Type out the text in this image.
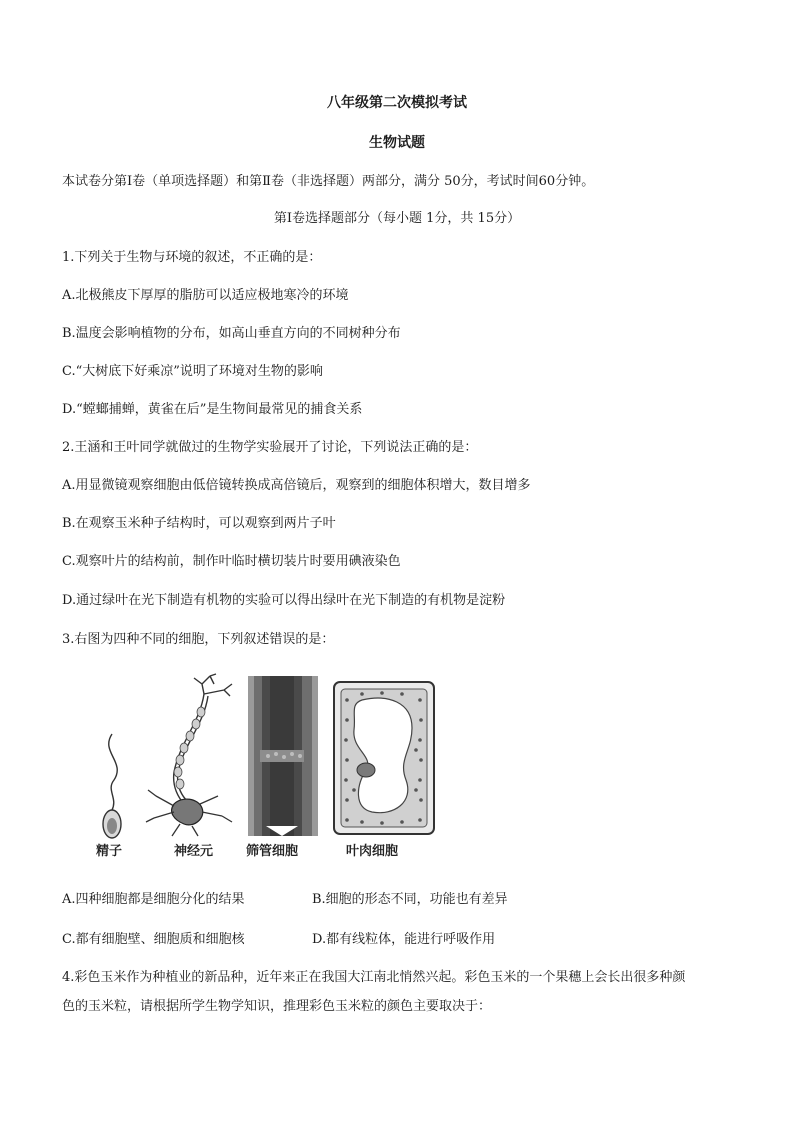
八年级第二次模拟考试
生物试题
本试卷分第Ⅰ卷（单项选择题）和第Ⅱ卷（非选择题）两部分，满分 50分，考试时间60分钟。
第Ⅰ卷选择题部分（每小题 1分，共 15分）
1.下列关于生物与环境的叙述，不正确的是：
A.北极熊皮下厚厚的脂肪可以适应极地寒冷的环境
B.温度会影响植物的分布，如高山垂直方向的不同树种分布
C.“大树底下好乘凉”说明了环境对生物的影响
D.“螳螂捕蝉，黄雀在后”是生物间最常见的捕食关系
2.王涵和王叶同学就做过的生物学实验展开了讨论，下列说法正确的是：
A.用显微镜观察细胞由低倍镜转换成高倍镜后，观察到的细胞体积增大，数目增多
B.在观察玉米种子结构时，可以观察到两片子叶
C.观察叶片的结构前，制作叶临时横切装片时要用碘液染色
D.通过绿叶在光下制造有机物的实验可以得出绿叶在光下制造的有机物是淀粉
3.右图为四种不同的细胞，下列叙述错误的是：
精子	神经元	筛管细胞	叶肉细胞
A.四种细胞都是细胞分化的结果	B.细胞的形态不同，功能也有差异
C.都有细胞壁、细胞质和细胞核	D.都有线粒体，能进行呼吸作用
4.彩色玉米作为种植业的新品种，近年来正在我国大江南北悄然兴起。彩色玉米的一个果穗上会长出很多种颜
色的玉米粒，请根据所学生物学知识，推理彩色玉米粒的颜色主要取决于：
